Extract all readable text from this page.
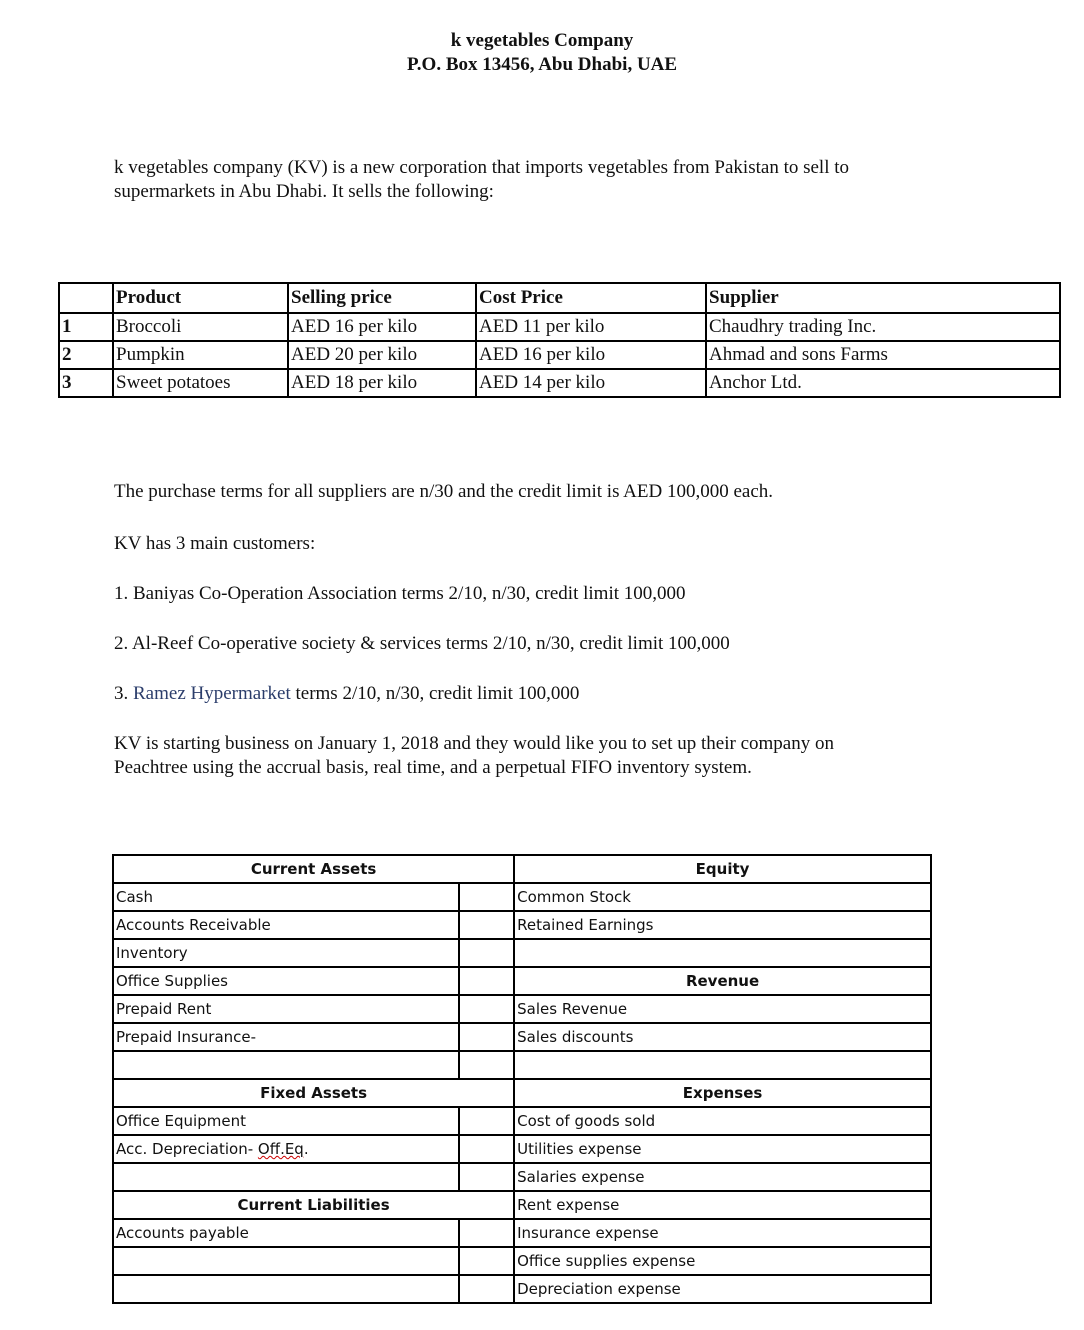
k vegetables Company
P.O. Box 13456, Abu Dhabi, UAE

k vegetables company (KV) is a new corporation that imports vegetables from Pakistan to sell to

supermarkets in Abu Dhabi. It sells the following:

	Product	Selling price	Cost Price	Supplier
1	Broccoli	AED 16 per kilo	AED 11 per kilo	Chaudhry trading Inc.
2	Pumpkin	AED 20 per kilo	AED 16 per kilo	Ahmad and sons Farms
3	Sweet potatoes	AED 18 per kilo	AED 14 per kilo	Anchor Ltd.
The purchase terms for all suppliers are n/30 and the credit limit is AED 100,000 each.
KV has 3 main customers:
1. Baniyas Co-Operation Association terms 2/10, n/30, credit limit 100,000
2. Al-Reef Co-operative society & services terms 2/10, n/30, credit limit 100,000
3. Ramez Hypermarket terms 2/10, n/30, credit limit 100,000

KV is starting business on January 1, 2018 and they would like you to set up their company on

Peachtree using the accrual basis, real time, and a perpetual FIFO inventory system.

Current Assets		Equity
Cash		Common Stock
Accounts Receivable		Retained Earnings
Inventory		
Office Supplies		Revenue
Prepaid Rent		Sales Revenue
Prepaid Insurance-		Sales discounts

Fixed Assets		Expenses
Office Equipment		Cost of goods sold
Acc. Depreciation- Off.Eq.		Utilities expense
		Salaries expense
Current Liabilities		Rent expense
Accounts payable		Insurance expense
		Office supplies expense
		Depreciation expense
